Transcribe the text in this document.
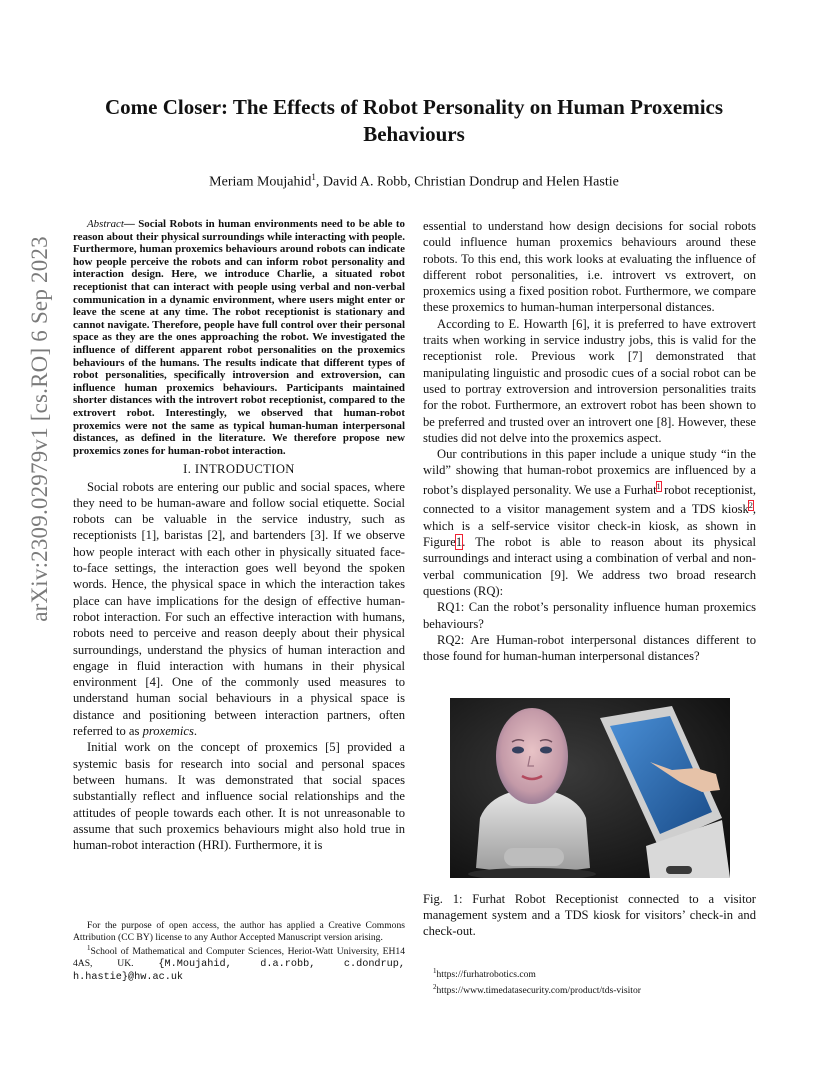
arXiv:2309.02979v1 [cs.RO] 6 Sep 2023
Come Closer: The Effects of Robot Personality on Human Proxemics Behaviours
Meriam Moujahid$^1$, David A. Robb, Christian Dondrup and Helen Hastie
Abstract— Social Robots in human environments need to be able to reason about their physical surroundings while interacting with people. Furthermore, human proxemics behaviours around robots can indicate how people perceive the robots and can inform robot personality and interaction design. Here, we introduce Charlie, a situated robot receptionist that can interact with people using verbal and non-verbal communication in a dynamic environment, where users might enter or leave the scene at any time. The robot receptionist is stationary and cannot navigate. Therefore, people have full control over their personal space as they are the ones approaching the robot. We investigated the influence of different apparent robot personalities on the proxemics behaviours of the humans. The results indicate that different types of robot personalities, specifically introversion and extroversion, can influence human proxemics behaviours. Participants maintained shorter distances with the introvert robot receptionist, compared to the extrovert robot. Interestingly, we observed that human-robot proxemics were not the same as typical human-human interpersonal distances, as defined in the literature. We therefore propose new proxemics zones for human-robot interaction.
I. INTRODUCTION

Social robots are entering our public and social spaces, where they need to be human-aware and follow social etiquette. Social robots can be valuable in the service industry, such as receptionists [1], baristas [2], and bartenders [3]. If we observe how people interact with each other in physically situated face-to-face settings, the interaction goes well beyond the spoken words. Hence, the physical space in which the interaction takes place can have implications for the design of effective human-robot interaction. For such an effective interaction with humans, robots need to perceive and reason deeply about their physical surroundings, understand the physics of human interaction and engage in fluid interaction with humans in their physical environment [4]. One of the commonly used measures to understand human social behaviours in a physical space is distance and positioning between interaction partners, often referred to as proxemics.

Initial work on the concept of proxemics [5] provided a systemic basis for research into social and personal spaces between humans. It was demonstrated that social spaces substantially reflect and influence social relationships and the attitudes of people towards each other. It is not unreasonable to assume that such proxemics behaviours might also hold true in human-robot interaction (HRI). Furthermore, it is

For the purpose of open access, the author has applied a Creative Commons Attribution (CC BY) license to any Author Accepted Manuscript version arising.

$^1$School of Mathematical and Computer Sciences, Heriot-Watt University, EH14 4AS, UK. {M.Moujahid, d.a.robb, c.dondrup, h.hastie}@hw.ac.uk

essential to understand how design decisions for social robots could influence human proxemics behaviours around these robots. To this end, this work looks at evaluating the influence of different robot personalities, i.e. introvert vs extrovert, on proxemics using a fixed position robot. Furthermore, we compare these proxemics to human-human interpersonal distances.

According to E. Howarth [6], it is preferred to have extrovert traits when working in service industry jobs, this is valid for the receptionist role. Previous work [7] demonstrated that manipulating linguistic and prosodic cues of a social robot can be used to portray extroversion and introversion personalities traits for the robot. Furthermore, an extrovert robot has been shown to be preferred and trusted over an introvert one [8]. However, these studies did not delve into the proxemics aspect.

Our contributions in this paper include a unique study “in the wild” showing that human-robot proxemics are influenced by a robot’s displayed personality. We use a Furhat$^1$ robot receptionist, connected to a visitor management system and a TDS kiosk$^2$, which is a self-service visitor check-in kiosk, as shown in Figure1. The robot is able to reason about its physical surroundings and interact using a combination of verbal and non-verbal communication [9]. We address two broad research questions (RQ):

RQ1: Can the robot’s personality influence human proxemics behaviours?

RQ2: Are Human-robot interpersonal distances different to those found for human-human interpersonal distances?

Fig. 1: Furhat Robot Receptionist connected to a visitor management system and a TDS kiosk for visitors’ check-in and check-out.
$^1$https://furhatrobotics.com
$^2$https://www.timedatasecurity.com/product/tds-visitor
